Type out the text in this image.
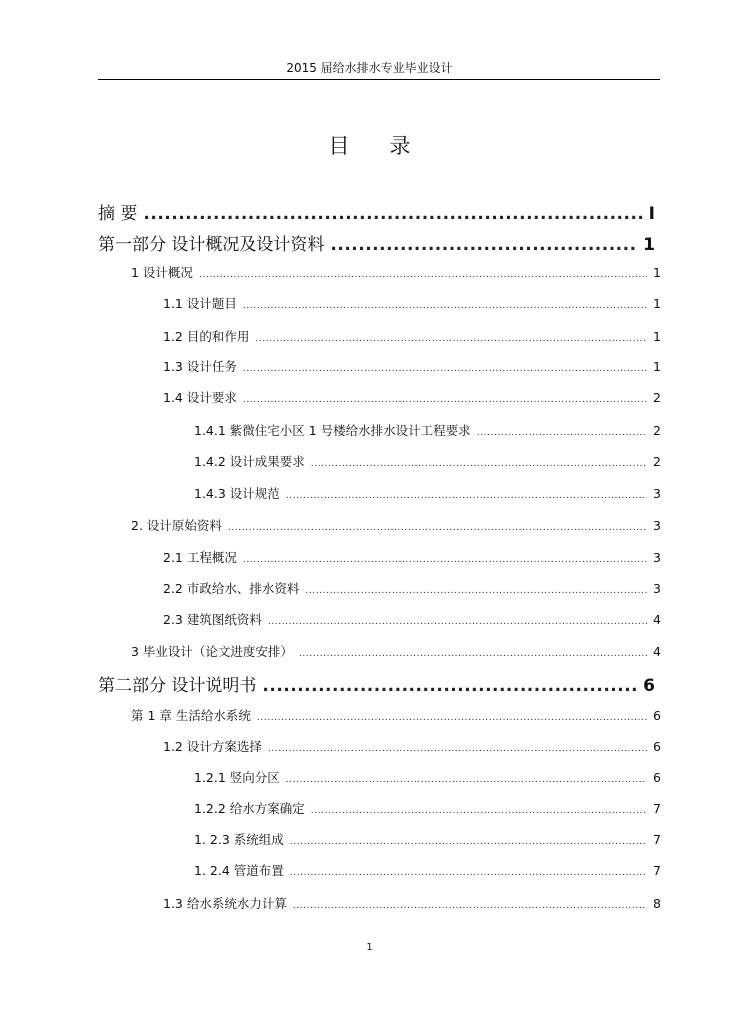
2015 届给水排水专业毕业设计
目录
摘 要 .....	I
第一部分 设计概况及设计资料 .....	1
1 设计概况 .....	1
1.1 设计题目 .....	1
1.2 目的和作用 .....	1
1.3 设计任务 .....	1
1.4 设计要求 .....	2
1.4.1 紫微住宅小区 1 号楼给水排水设计工程要求 .....	2
1.4.2 设计成果要求 .....	2
1.4.3 设计规范 .....	3
2. 设计原始资料 .....	3
2.1 工程概况 .....	3
2.2 市政给水、排水资料 .....	3
2.3 建筑图纸资料 .....	4
3 毕业设计（论文进度安排） .....	4
第二部分 设计说明书 .....	6
第 1 章 生活给水系统 .....	6
1.2 设计方案选择 .....	6
1.2.1 竖向分区 .....	6
1.2.2 给水方案确定 .....	7
1. 2.3 系统组成 .....	7
1. 2.4 管道布置 .....	7
1.3 给水系统水力计算 .....	8
1
